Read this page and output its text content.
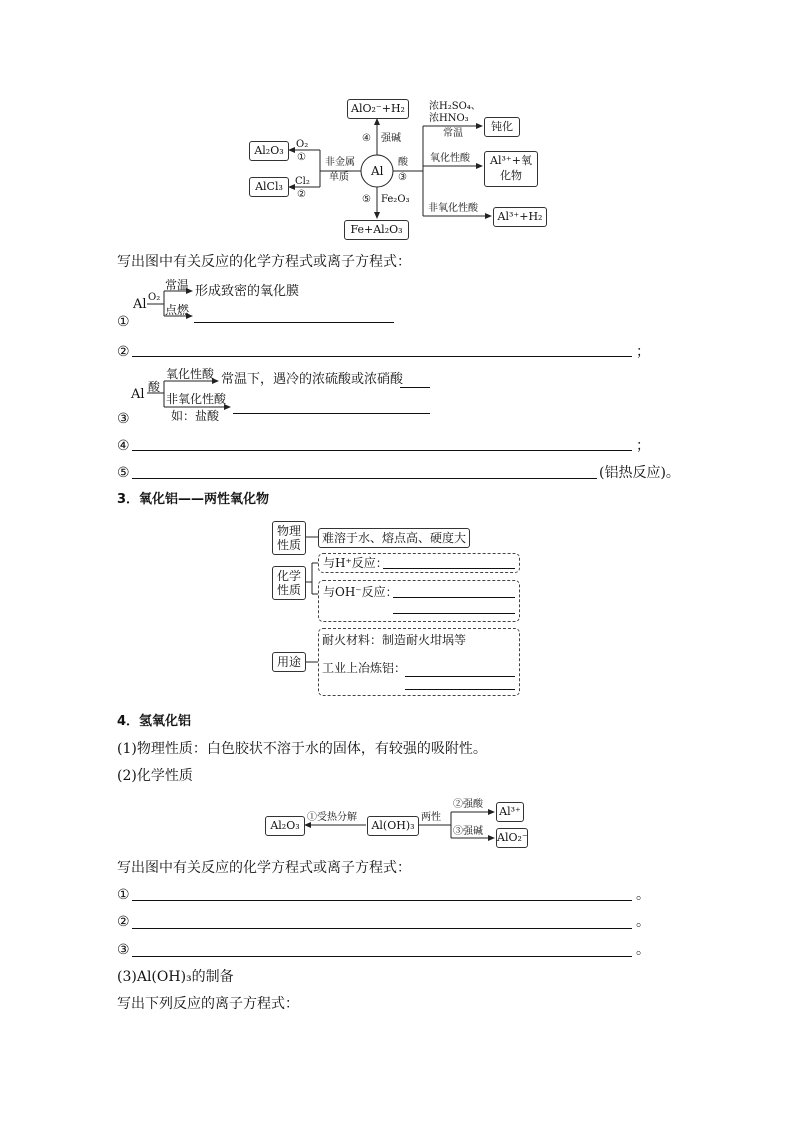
AlO₂⁻+H₂
④ 强碱
Al
⑤ Fe₂O₃
Fe+Al₂O₃
非金属
单质
O₂
①
Cl₂
②
Al₂O₃
AlCl₃
酸
③
浓H₂SO₄、
浓HNO₃
常温
钝化
氧化性酸	Al³⁺+氧
化物
非氧化性酸
Al³⁺+H₂
写出图中有关反应的化学方程式或离子方程式：
Al O₂
常温 形成致密的氧化膜
点燃
①
②	；
Al 酸
氧化性酸 常温下，遇冷的浓硫酸或浓硝酸
非氧化性酸
如：盐酸
③
④	；
⑤	(铝热反应)。
3．氧化铝——两性氧化物
物理
性质	难溶于水、熔点高、硬度大
化学
性质
与H⁺反应：
与OH⁻反应：
用途
耐火材料：制造耐火坩埚等
工业上冶炼铝：
4．氢氧化铝
(1)物理性质：白色胶状不溶于水的固体，有较强的吸附性。
(2)化学性质
Al₂O₃
①受热分解
Al(OH)₃
两性
②强酸
Al³⁺
③强碱 AlO₂⁻
写出图中有关反应的化学方程式或离子方程式：
①	。
②	。
③	。
(3)Al(OH)₃的制备
写出下列反应的离子方程式：
